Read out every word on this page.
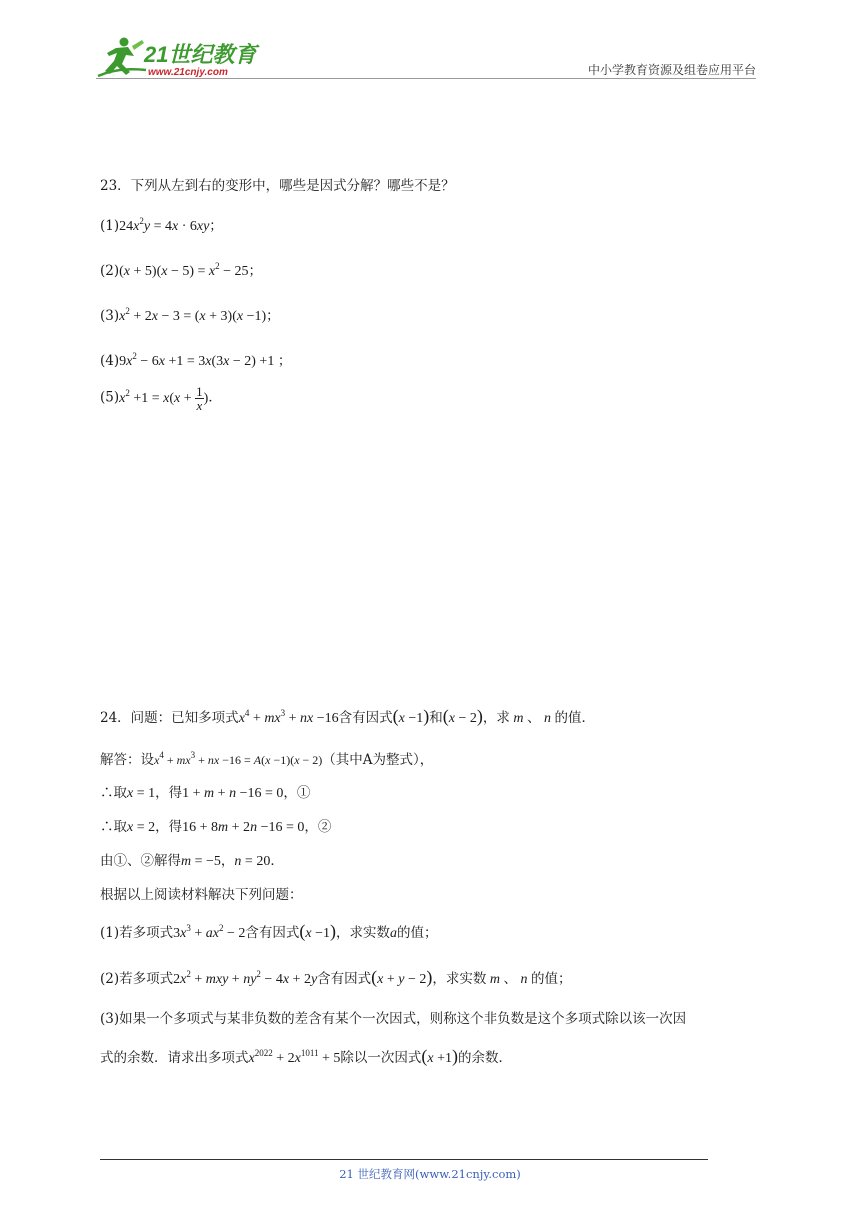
21世纪教育
www.21cnjy.com	中小学教育资源及组卷应用平台
23．下列从左到右的变形中，哪些是因式分解？哪些不是？
$(1)24x^2y = 4x \cdot 6xy$；
$(2)(x + 5)(x - 5) = x^2 - 25$；
$(3)x^2 + 2x - 3 = (x + 3)(x -1)$；
$(4)9x^2 - 6x +1 = 3x(3x - 2) +1$ ；
$(5)x^2 +1 = x(x + \frac{1}{x}$ )．
24．问题：已知多项式$x^4 + mx^3$ + nx −16含有因式(x −1)和(x − 2)，求 m 、 n 的值．
解答：设$x^4 + mx^3$ + nx −16 = A(x −1)(x − 2)（其中A为整式），
∴取x = 1，得1 + m + n −16 = 0，①
∴取x = 2，得16 + 8m + 2n −16 = 0，②
由①、②解得m = −5，n = 20．
根据以上阅读材料解决下列问题：
(1)若多项式$3x^3 + ax^2 - 2$含有因式(x −1)，求实数a的值；
(2)若多项式$2x^2$ + mxy + $ny^2 - 4x + 2y$含有因式(x + y − 2)，求实数 m 、 n 的值；
(3)如果一个多项式与某非负数的差含有某个一次因式，则称这个非负数是这个多项式除以该一次因
式的余数．请求出多项式$x^{2022} + 2x^{1011} + 5$除以一次因式(x +1)的余数．
21 世纪教育网(www.21cnjy.com)
